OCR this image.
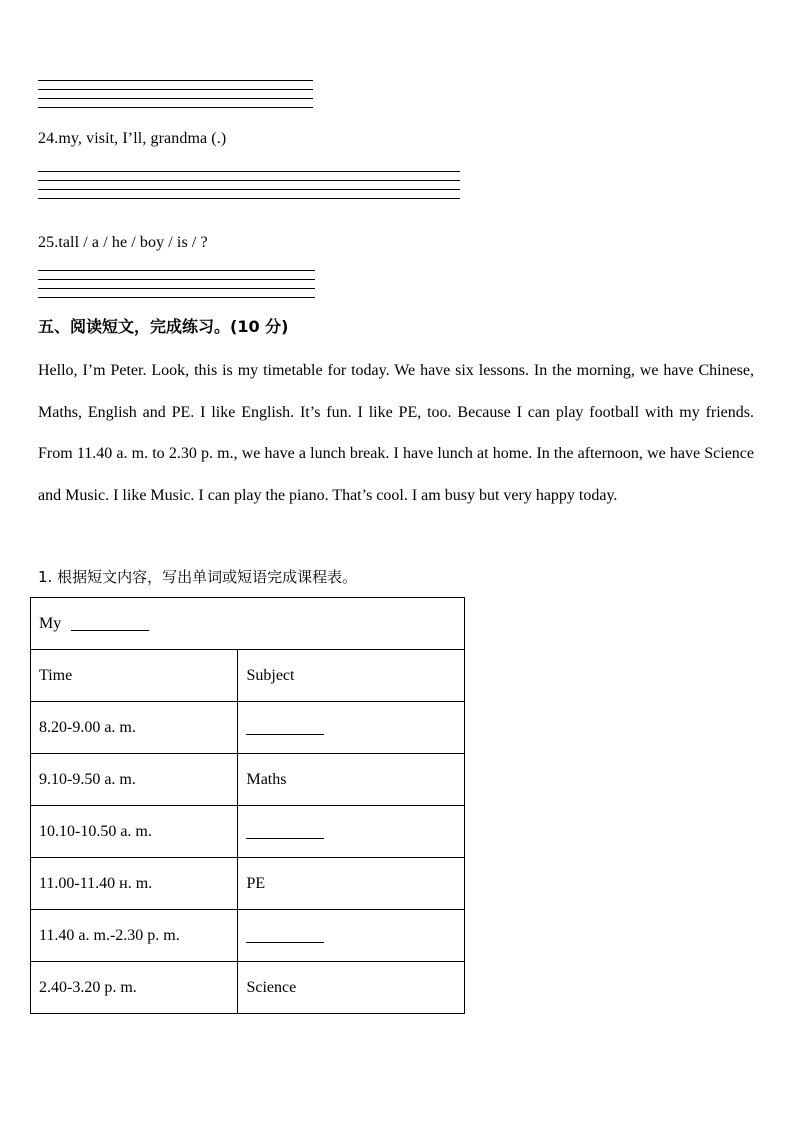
24.my, visit, I’ll, grandma (.)
25.tall / a / he / boy / is / ?
五、阅读短文，完成练习。(10 分)

Hello, I’m Peter. Look, this is my timetable for today. We have six lessons. In the morning, we have Chinese, Maths, English and PE. I like English. It’s fun. I like PE, too. Because I can play football with my friends. From 11.40 a. m. to 2.30 p. m., we have a lunch break. I have lunch at home. In the afternoon, we have Science and Music. I like Music. I can play the piano. That’s cool. I am busy but very happy today.

1. 根据短文内容，写出单词或短语完成课程表。
My	
Time	Subject
8.20-9.00 a. m.	
9.10-9.50 a. m.	Maths
10.10-10.50 a. m.	
11.00-11.40 н. m.	PE
11.40 a. m.-2.30 p. m.	
2.40-3.20 p. m.	Science
